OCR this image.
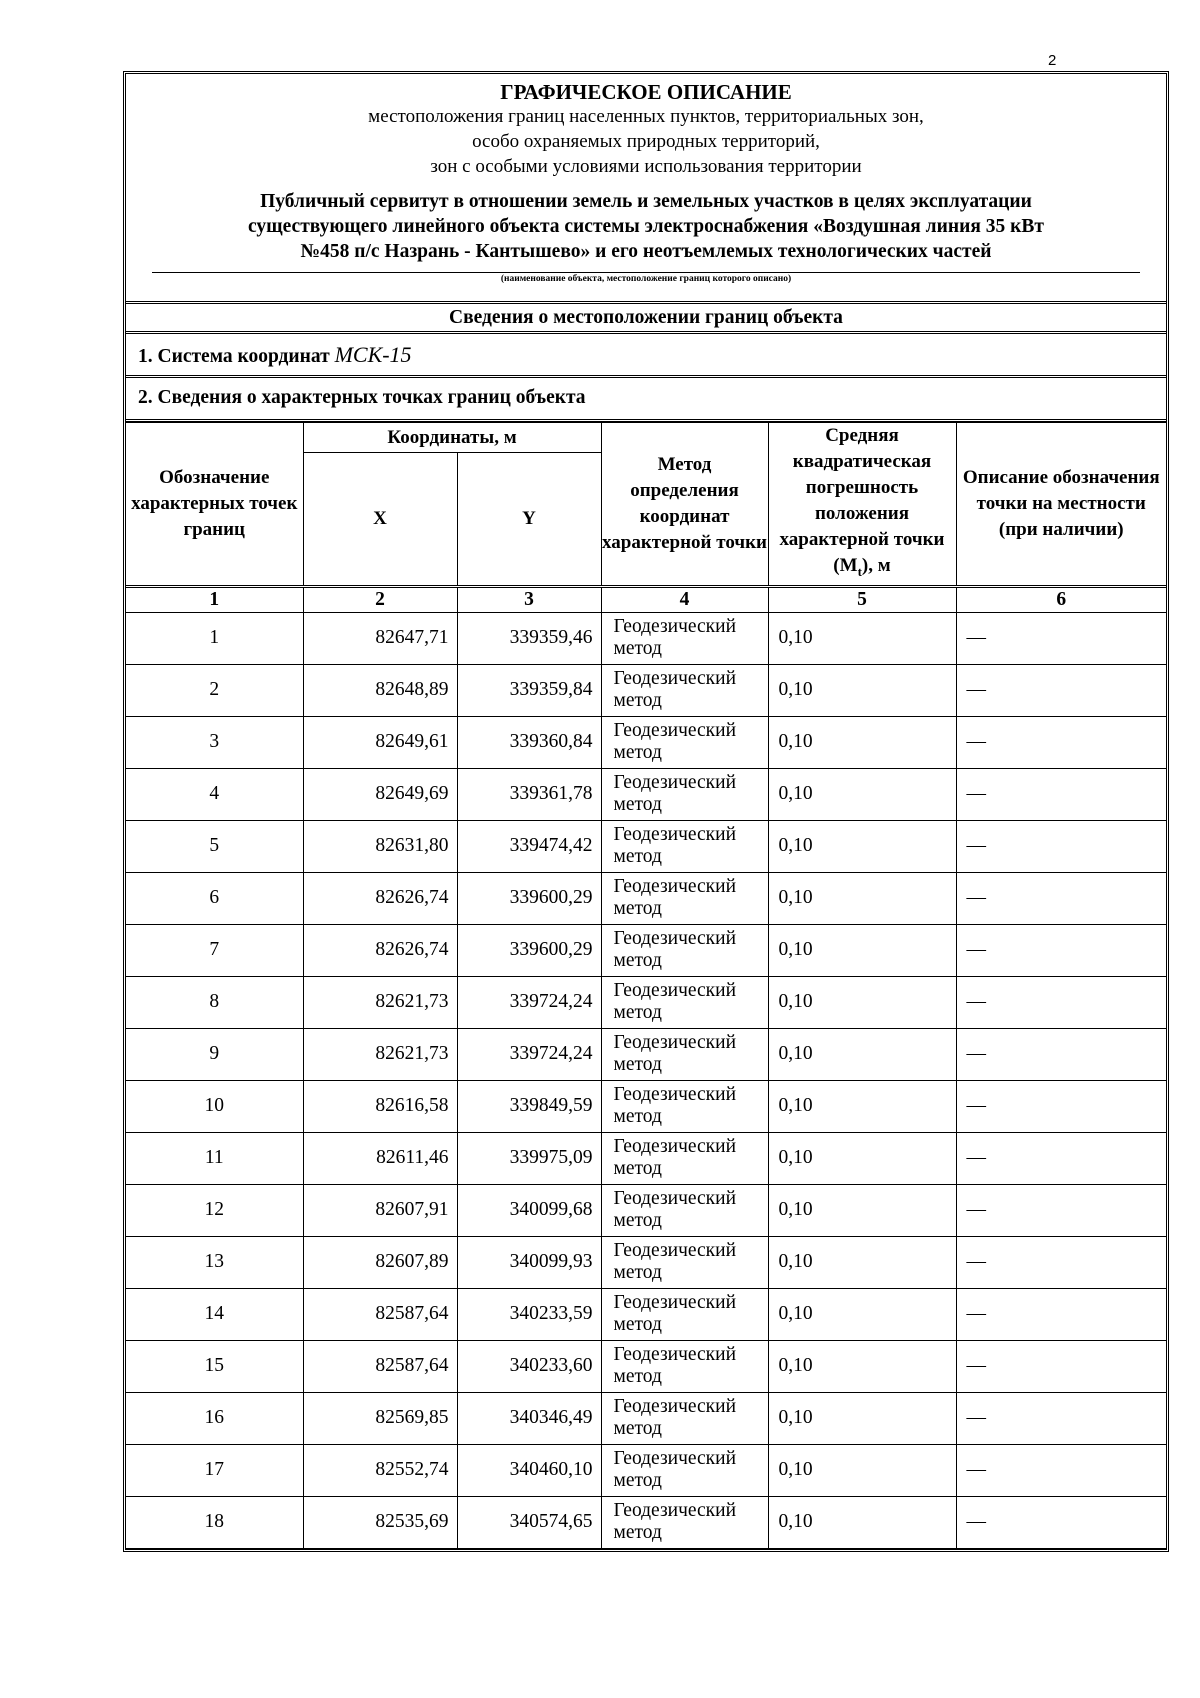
2
ГРАФИЧЕСКОЕ ОПИСАНИЕ
местоположения границ населенных пунктов, территориальных зон,
особо охраняемых природных территорий,
зон с особыми условиями использования территории
Публичный сервитут в отношении земель и земельных участков в целях эксплуатации
существующего линейного объекта системы электроснабжения «Воздушная линия 35 кВт
№458 п/с Назрань - Кантышево» и его неотъемлемых технологических частей
(наименование объекта, местоположение границ которого описано)
Сведения о местоположении границ объекта
1. Система координат МСК-15
2. Сведения о характерных точках границ объекта
Обозначение характерных точек границ	Координаты, м		Метод определения координат характерной точки	Средняя квадратическая погрешность положения характерной точки $(M_t)$, м	Описание обозначения точки на местности (при наличии)
	X	Y			
1	2	3	4	5	6
1	82647,71	339359,46	Геодезический метод	0,10	—
2	82648,89	339359,84	Геодезический метод	0,10	—
3	82649,61	339360,84	Геодезический метод	0,10	—
4	82649,69	339361,78	Геодезический метод	0,10	—
5	82631,80	339474,42	Геодезический метод	0,10	—
6	82626,74	339600,29	Геодезический метод	0,10	—
7	82626,74	339600,29	Геодезический метод	0,10	—
8	82621,73	339724,24	Геодезический метод	0,10	—
9	82621,73	339724,24	Геодезический метод	0,10	—
10	82616,58	339849,59	Геодезический метод	0,10	—
11	82611,46	339975,09	Геодезический метод	0,10	—
12	82607,91	340099,68	Геодезический метод	0,10	—
13	82607,89	340099,93	Геодезический метод	0,10	—
14	82587,64	340233,59	Геодезический метод	0,10	—
15	82587,64	340233,60	Геодезический метод	0,10	—
16	82569,85	340346,49	Геодезический метод	0,10	—
17	82552,74	340460,10	Геодезический метод	0,10	—
18	82535,69	340574,65	Геодезический метод	0,10	—
